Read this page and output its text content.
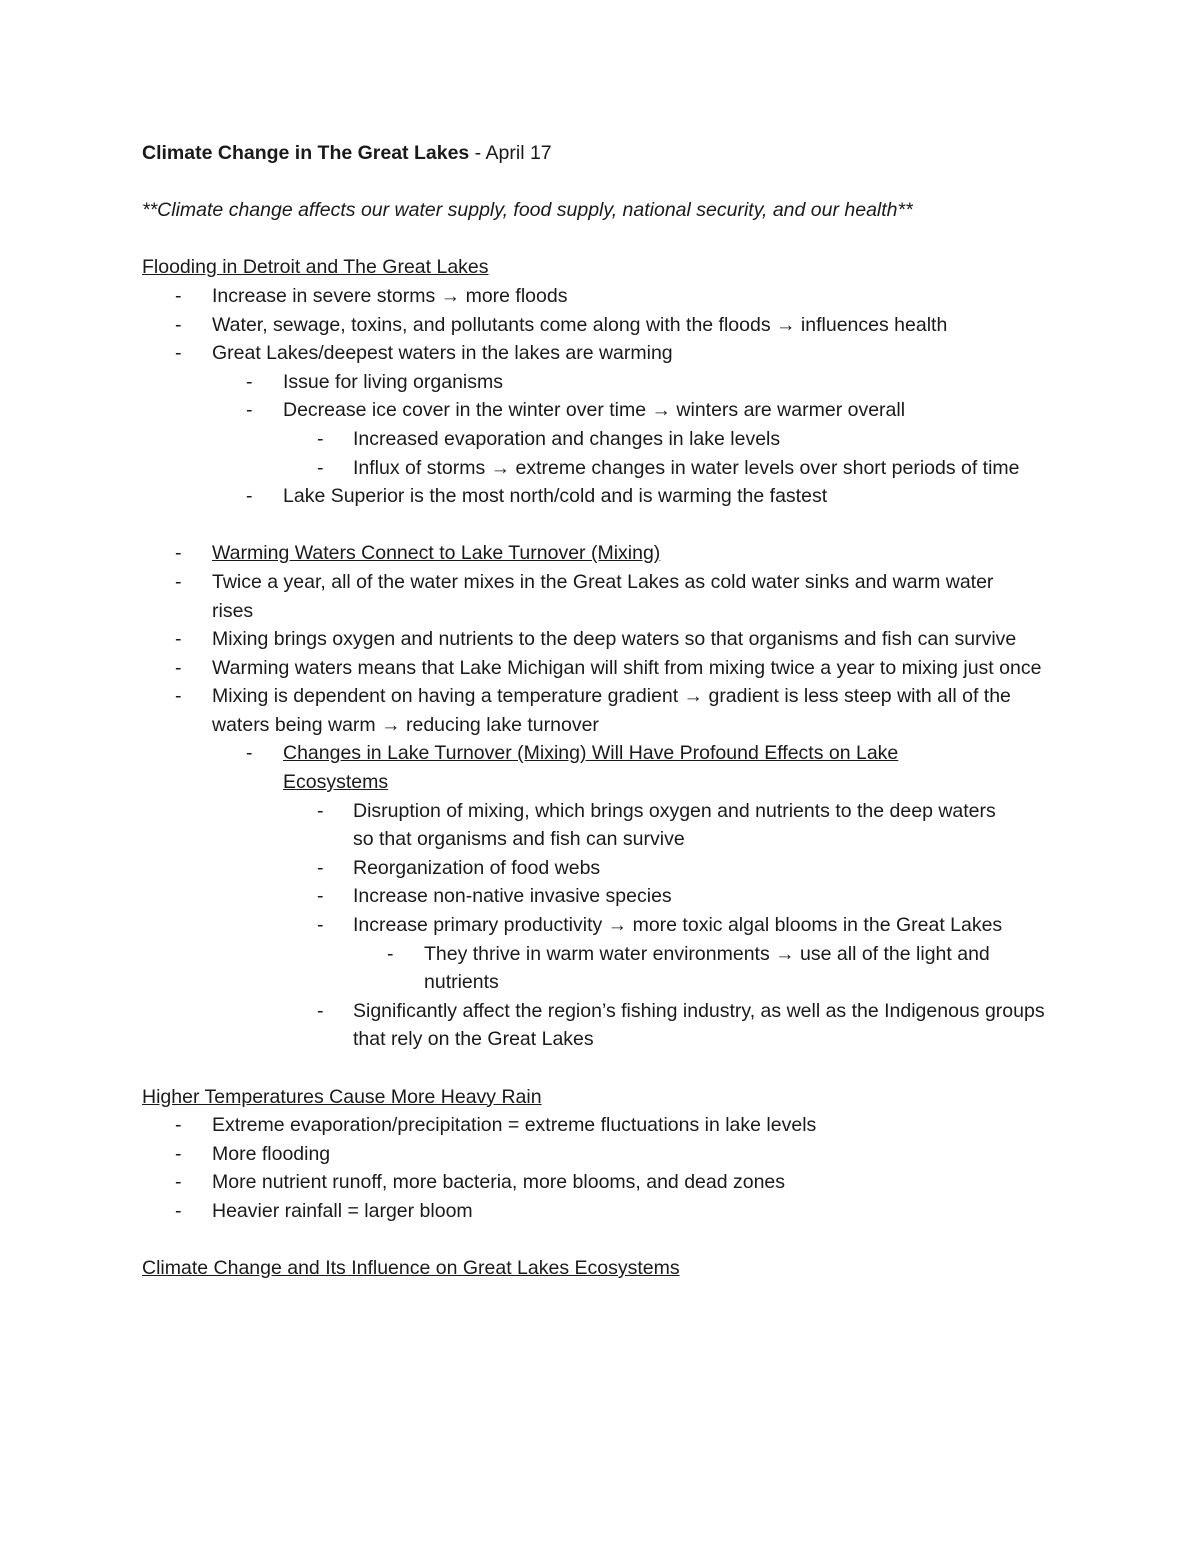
Climate Change in The Great Lakes - April 17
**Climate change affects our water supply, food supply, national security, and our health**
Flooding in Detroit and The Great Lakes
-	Increase in severe storms → more floods
-	Water, sewage, toxins, and pollutants come along with the floods → influences health
-	Great Lakes/deepest waters in the lakes are warming
-	Issue for living organisms
-	Decrease ice cover in the winter over time → winters are warmer overall
-	Increased evaporation and changes in lake levels
-	Influx of storms → extreme changes in water levels over short periods of time
-	Lake Superior is the most north/cold and is warming the fastest
-	Warming Waters Connect to Lake Turnover (Mixing)
-	Twice a year, all of the water mixes in the Great Lakes as cold water sinks and warm water rises
-	Mixing brings oxygen and nutrients to the deep waters so that organisms and fish can survive
-	Warming waters means that Lake Michigan will shift from mixing twice a year to mixing just once
-	Mixing is dependent on having a temperature gradient → gradient is less steep with all of the waters being warm → reducing lake turnover
-	Changes in Lake Turnover (Mixing) Will Have Profound Effects on Lake Ecosystems
-	Disruption of mixing, which brings oxygen and nutrients to the deep waters so that organisms and fish can survive
-	Reorganization of food webs
-	Increase non-native invasive species
-	Increase primary productivity → more toxic algal blooms in the Great Lakes
-	They thrive in warm water environments → use all of the light and nutrients
-	Significantly affect the region’s fishing industry, as well as the Indigenous groups that rely on the Great Lakes
Higher Temperatures Cause More Heavy Rain
-	Extreme evaporation/precipitation = extreme fluctuations in lake levels
-	More flooding
-	More nutrient runoff, more bacteria, more blooms, and dead zones
-	Heavier rainfall = larger bloom
Climate Change and Its Influence on Great Lakes Ecosystems
